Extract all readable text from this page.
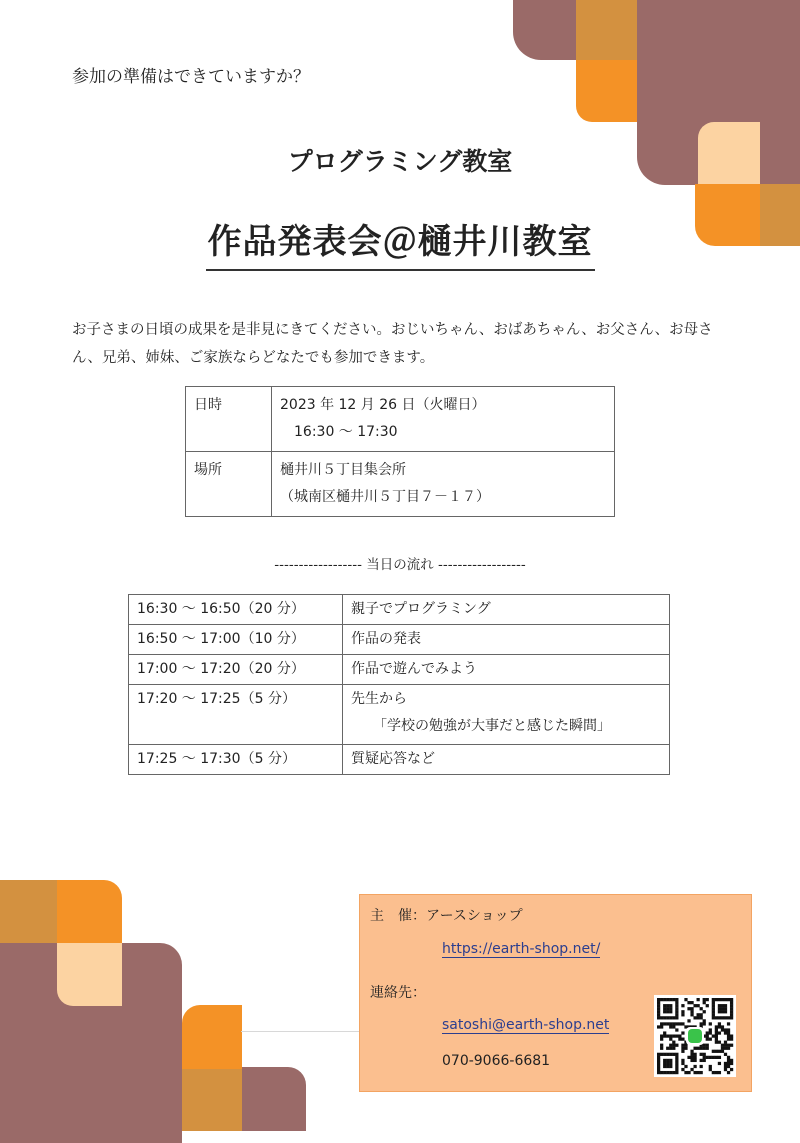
参加の準備はできていますか？
プログラミング教室
作品発表会＠樋井川教室
お子さまの日頃の成果を是非見にきてください。おじいちゃん、おばあちゃん、お父さん、お母さん、兄弟、姉妹、ご家族ならどなたでも参加できます。
日時	2023 年 12 月 26 日（火曜日）
16:30 〜 17:30

場所	樋井川５丁目集会所
（城南区樋井川５丁目７－１７）
------------------ 当日の流れ ------------------
16:30 〜 16:50（20 分）	親子でプログラミング
16:50 〜 17:00（10 分）	作品の発表
17:00 〜 17:20（20 分）	作品で遊んでみよう
17:20 〜 17:25（5 分）	先生から
「学校の勉強が大事だと感じた瞬間」

17:25 〜 17:30（5 分）	質疑応答など
主　催：アースショップ
https://earth-shop.net/
連絡先：
satoshi@earth-shop.net
070-9066-6681
